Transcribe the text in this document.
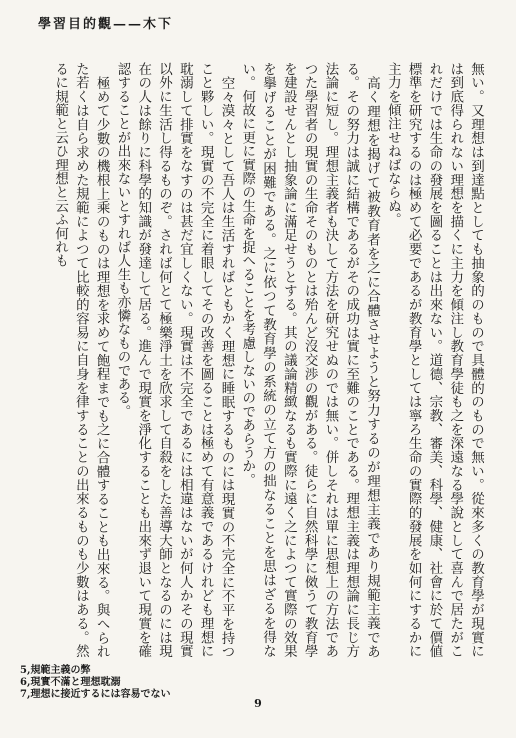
學習目的觀——木下

無い。又理想は到達點としても抽象的のもので具體的のもので無い。從來多くの教育學が現實には到底得られない理想を描くに主力を傾注し教育學徒も之を深遠なる學說として喜んで居たがこれだけでは生命の發展を圖ることは出來ない。道德、宗教、審美、科學、健康、社會に於て價値標準を研究するのは極めて必要であるが教育學としては寧ろ生命の實際的發展を如何にするかに主力を傾注せねばならぬ。

高く理想を揭げて被教育者を之に合體させようと努力するのが理想主義であり規範主義である。その努力は誠に結構であるがその成功は實に至難のことである。理想主義は理想論に長じ方法論に短し。理想主義者も決して方法を研究せぬのでは無い。併しそれは單に思想上の方法であつた學習者の現實の生命そのものとは殆んど沒交渉の觀がある。徒らに自然科學に傚うて教育學を建設せんとし抽象論に滿足せうとする。其の議論精緻なるも實際に遠く之によつて實際の效果を擧げることが困難である。之に依つて教育學の系統の立て方の拙なることを思はざるを得ない。何故に更に實際の生命を捉へることを考慮しないのであらうか。

空々漠々として吾人は生活すればともかく理想に睡眠するものには現實の不完全に不平を持つこと夥しい。現實の不完全に着眼してその改善を圖ることは極めて有意義であるけれども理想に耽溺して排實をなすのは甚だ宜しくない。現實は不完全であるには相違はないが何人かその現實以外に生活し得るものぞ。されば何とて極樂淨土を欣求して自殺をした善導大師となるのには現在の人は餘りに科學的知識が發達して居る。進んで現實を淨化することも出來ず退いて現實を確認することが出來ないとすれば人生も亦憐なものである。

極めて少數の機根上乘のものは理想を求めて飽程までも之に合體することも出來る。與へられた若くは自ら求めた規範によつて比較的容易に自身を律することの出來るものも少數はある。然るに規範と云ひ理想と云ふ何れも

5,規範主義の弊
6,現實不滿と理想耽溺
7,理想に接近するには容易でない
9
